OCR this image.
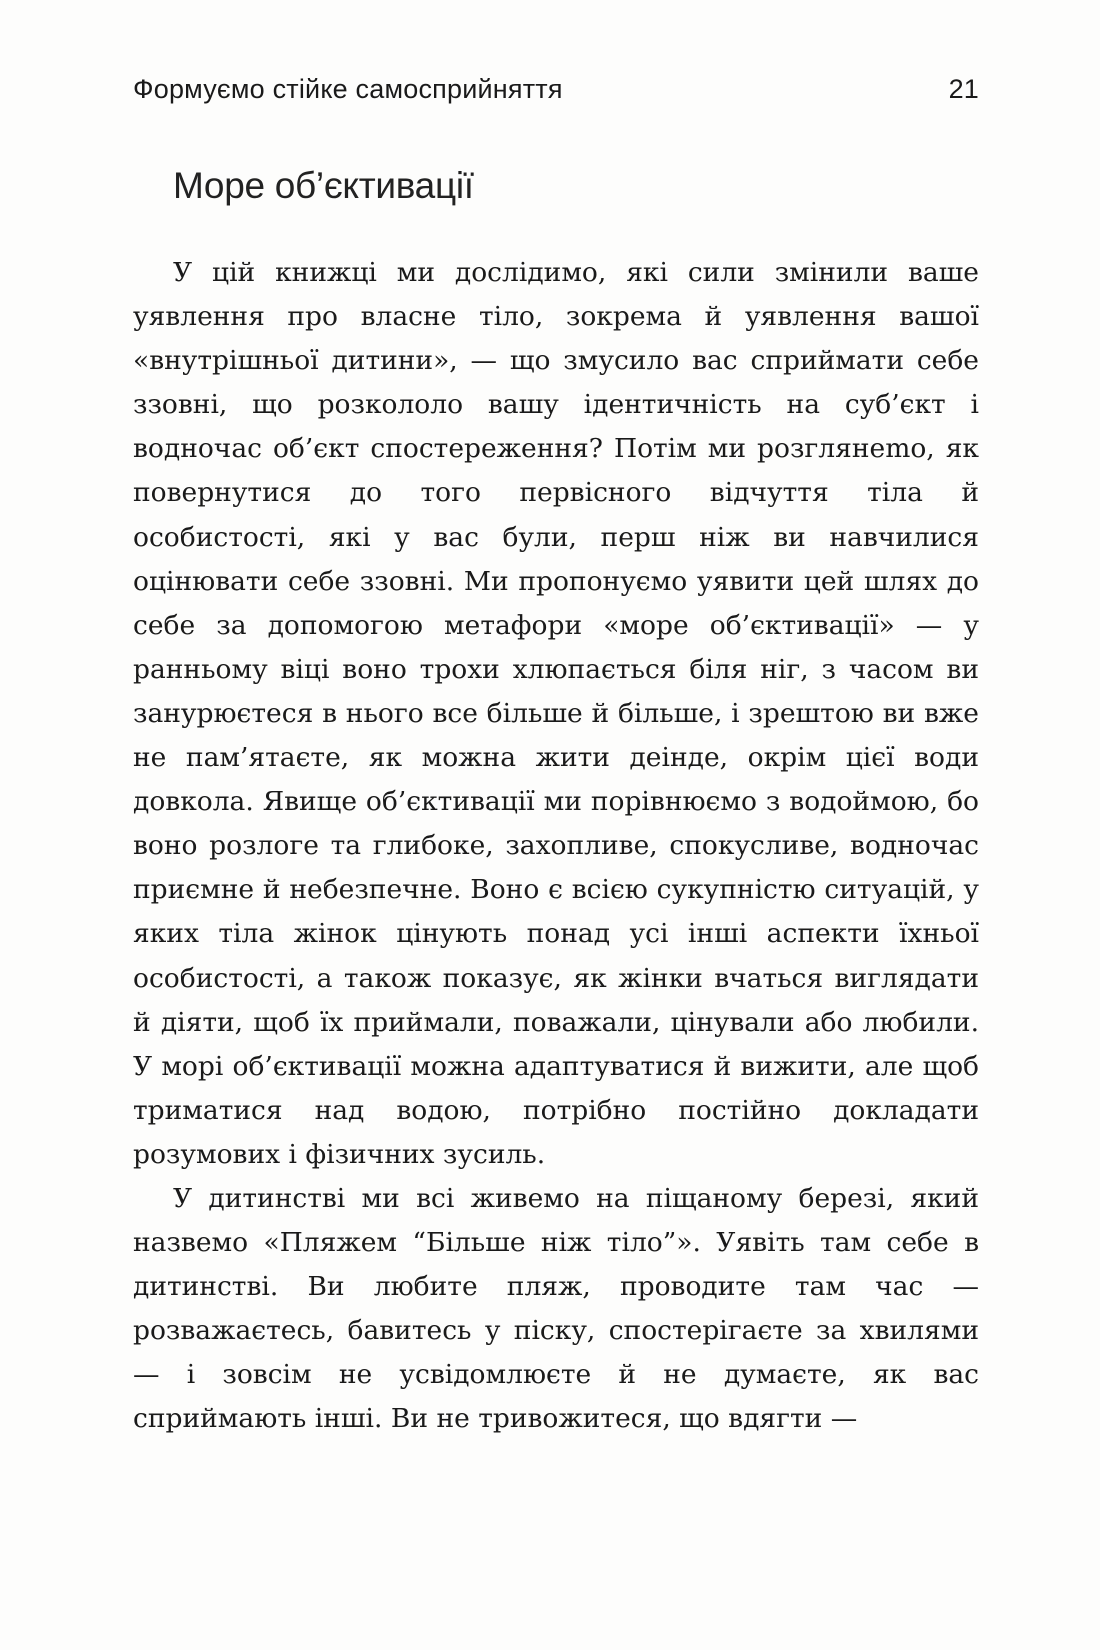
Формуємо стійке самосприйняття	21
Море об’єктивації

У цій книжці ми дослідимо, які сили змінили ваше уявлення про власне тіло, зокрема й уявлення вашої «внутрішньої дитини», — що змусило вас сприймати себе ззовні, що розкололо вашу ідентичність на суб’єкт і водночас об’єкт спостереження? Потім ми розглянеmо, як повернутися до того первісного відчуття тіла й особистості, які у вас були, перш ніж ви навчилися оцінювати себе ззовні. Ми пропонуємо уявити цей шлях до себе за допомогою метафори «море об’єктивації» — у ранньому віці воно трохи хлюпається біля ніг, з часом ви занурюєтеся в нього все більше й більше, і зрештою ви вже не пам’ятаєте, як можна жити деінде, окрім цієї води довкола. Явище об’єктивації ми порівнюємо з водоймою, бо воно розлоге та глибоке, захопливе, спокусливе, водночас приємне й небезпечне. Воно є всією сукупністю ситуацій, у яких тіла жінок цінують понад усі інші аспекти їхньої особистості, а також показує, як жінки вчаться виглядати й діяти, щоб їх приймали, поважали, цінували або любили. У морі об’єктивації можна адаптуватися й вижити, але щоб триматися над водою, потрібно постійно докладати розумових і фізичних зусиль.

У дитинстві ми всі живемо на піщаному березі, який назвемо «Пляжем “Більше ніж тіло”». Уявіть там себе в дитинстві. Ви любите пляж, проводите там час — розважаєтесь, бавитесь у піску, спостерігаєте за хвилями — і зовсім не усвідомлюєте й не думаєте, як вас сприймають інші. Ви не тривожитеся, що вдягти —
